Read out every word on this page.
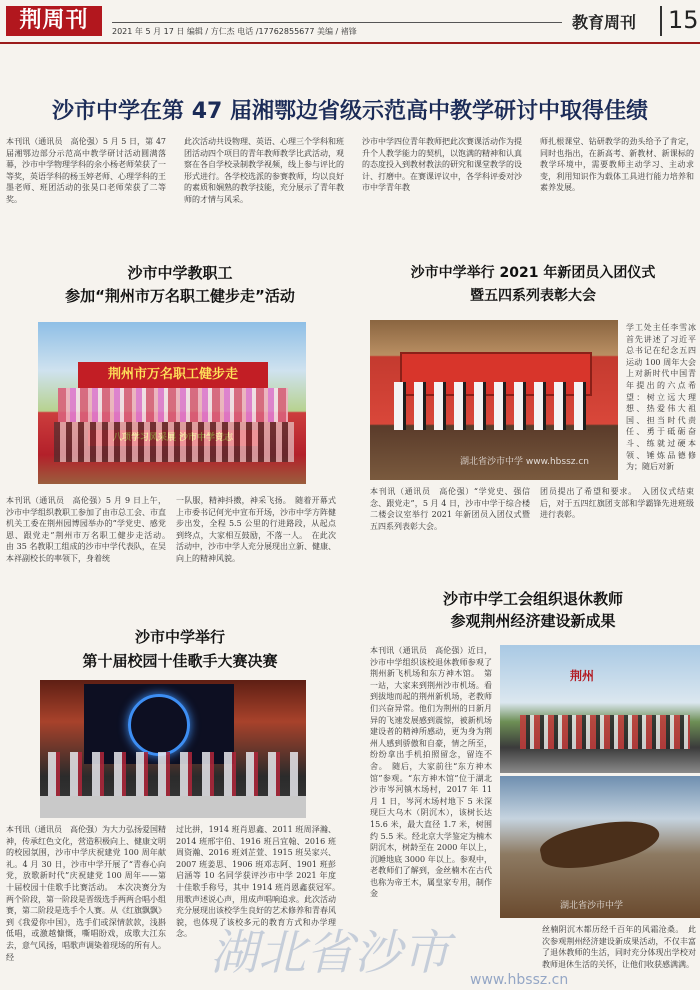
荆周刊	2021 年 5 月 17 日 编辑 / 方仁杰 电话 /17762855677 美编 / 褚锋	教育周刊 15
沙市中学在第 47 届湘鄂边省级示范高中教学研讨中取得佳绩
本刊讯（通讯员　高伦强）5 月 5 日，第 47 届湘鄂边部分示范高中教学研讨活动圆满落幕，沙市中学物理学科的余小杨老师荣获了一等奖，英语学科的杨玉婷老师、心理学科的王墨老师、班团活动的张昊口老师荣获了二等奖。
此次活动共设物理、英语、心理三个学科和班团活动四个项目的青年教师教学比武活动，观察在各自学校录制教学视频，线上参与评比的形式进行。各学校选派的参赛教师，均以良好的素质和娴熟的教学技能，充分展示了青年教师的才情与风采。
沙市中学四位青年教师把此次赛课活动作为提升个人教学能力的契机，以饱满的精神和认真的态度投入到教材教法的研究和课堂教学的设计、打磨中。在赛课评议中，各学科评委对沙市中学青年教
师扎根课堂、钻研教学的劲头给予了肯定，同时也指出，在新高考、新教材、新课标的教学环境中，需要教师主动学习、主动求变，利用知识作为载体工具进行能力培养和素养发展。
沙市中学教职工
参加“荆州市万名职工健步走”活动
荆州市万名职工健步走
本刊讯（通讯员　高伦强）5 月 9 日上午，沙市中学组织教职工参加了由市总工会、市直机关工委在荆州园博园举办的“学党史、感党恩、跟党走”荆州市万名职工健步走活动。　由 35 名教职工组成的沙市中学代表队，在吴本祥副校长的率领下，身着统
一队服，精神抖擞，神采飞扬。　随着开幕式上市委书记何光中宣布开场，沙市中学方阵健步出发，全程 5.5 公里的行进路段，从起点到终点，大家相互鼓励，不落一人。　在此次活动中，沙市中学人充分展现出立新、健康、向上的精神风貌。
沙市中学举行 2021 年新团员入团仪式
暨五四系列表彰大会
湖北省沙市中学 www.hbssz.cn
学工处主任李雪冰首先讲述了习近平总书记在纪念五四运动 100 周年大会上对新时代中国青年提出的六点希望：树立远大理想、热爱伟大祖国、担当时代责任、勇于砥砺奋斗、练就过硬本领、锤炼品德修为；随后对新
本刊讯（通讯员　高伦强）“学党史、强信念、跟党走”，5 月 4 日，沙市中学于综合楼二楼会议室举行 2021 年新团员入团仪式暨五四系列表彰大会。
团员提出了希望和要求。　入团仪式结束后，对于五四红旗团支部和学霸锋先进班级进行表彰。
沙市中学举行
第十届校园十佳歌手大赛决赛
本刊讯（通讯员　高伦强）为大力弘扬爱国精神，传承红色文化，营造积极向上、健康文明的校园氛围，沙市中学庆祝建党 100 周年献礼。4 月 30 日，沙市中学开展了“青春心向党，放歌新时代”庆祝建党 100 周年——第十届校园十佳歌手比赛活动。　本次决赛分为两个阶段，第一阶段是晋级选手两两合唱小组赛，第二阶段是选手个人赛。从《红旗飘飘》到《我爱你中国》，选手们或深情款款，浅斟低唱，或激越慷慨，嘶唱盼戏，成歌大江东去，意气风扬，唱歌声调染着现场的所有人。经
过比拼，1914 班肖恩鑫、2011 班周泽瀚、2014 班邢宇伯、1916 班吕宜翰、2016 班周资瀚、2016 班刘芷萱、1915 班吴家兴、2007 班姜思、1906 班邓志阿、1901 班彭启涵等 10 名同学获评沙市中学 2021 年度十佳歌手称号，其中 1914 班肖恩鑫获冠军。　用歌声述说心声，用成声唱响追求。此次活动充分展现出该校学生良好的艺术修养和青春风貌，也体现了该校多元的教育方式和办学理念。
沙市中学工会组织退休教师
参观荆州经济建设新成果
本刊讯（通讯员　高伦强）近日，沙市中学组织该校退休教师参观了荆州新飞机场和东方神木馆。　第一站，大家来到荆州沙市机场。看到拔地而起的荆州新机场，老教师们兴奋异常。他们为荆州的日新月异的飞速发展感到震惊，被新机场建设者的精神所感动，更为身为荆州人感到骄傲和自豪，情之所至，纷纷拿出手机拍照留念，留连不舍。　随后，大家前往“东方神木馆”参观。“东方神木馆”位于湖北沙市岑河镇木场村，2017 年 11 月 1 日，岑河木场村地下 5 米深现巨大乌木（阴沉木），该树长达 15.6 米，最大直径 1.7 米，树围约 5.5 米。经北京大学鉴定为楠木阴沉木，树龄至在 2000 年以上，沉睡地底 3000 年以上。参观中，老教师们了解到，金丝楠木在古代也称为帝王木，属皇家专用，制作金
荆州
湖北省沙市中学
丝楠阴沉木都历经千百年的风霜沧桑。　此次参观荆州经济建设新成果活动，不仅丰富了退休教师的生活，同时充分体现出学校对教师退休生活的关怀，让他们收获感满满。
湖北省沙市 www.hbssz.cn
